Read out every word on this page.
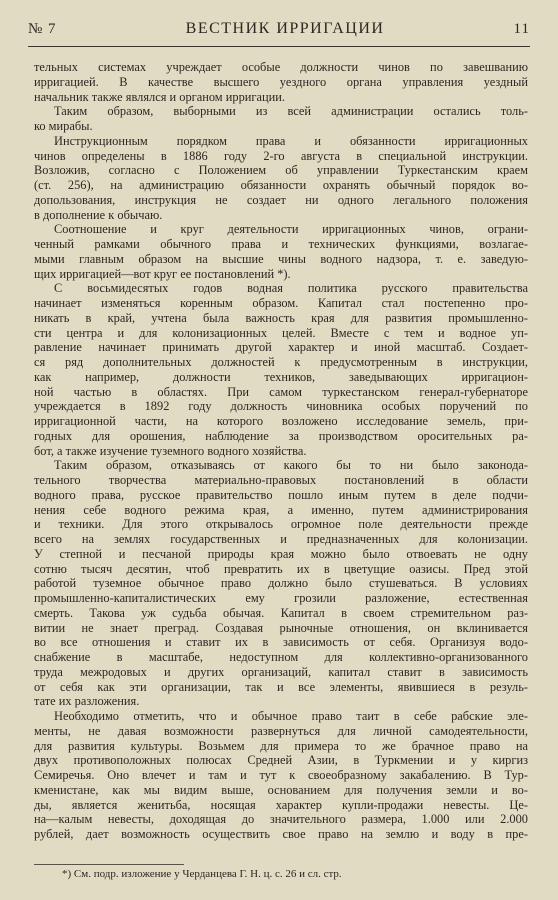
№ 7	ВЕСТНИК ИРРИГАЦИИ	11

тельных системах учреждает особые должности чинов по завешванию
ирригацией. В качестве высшего уездного органа управления уездный
начальник также являлся и органом ирригации.

Таким образом, выборными из всей администрации остались толь-
ко мирабы.

Инструкционным порядком права и обязанности ирригационных
чинов определены в 1886 году 2-го августа в специальной инструкции.
Возложив, согласно с Положением об управлении Туркестанским краем
(ст. 256), на администрацию обязанности охранять обычный порядок во-
допользования, инструкция не создает ни одного легального положения
в дополнение к обычаю.

Соотношение и круг деятельности ирригационных чинов, ограни-
ченный рамками обычного права и технических функциями, возлагае-
мыми главным образом на высшие чины водного надзора, т. е. заведую-
щих ирригацией—вот круг ее постановлений *).

С восьмидесятых годов водная политика русского правительства
начинает изменяться коренным образом. Капитал стал постепенно про-
никать в край, учтена была важность края для развития промышленно-
сти центра и для колонизационных целей. Вместе с тем и водное уп-
равление начинает принимать другой характер и иной масштаб. Создает-
ся ряд дополнительных должностей к предусмотренным в инструкции,
как например, должности техников, заведывающих ирригацион-
ной частью в областях. При самом туркестанском генерал-губернаторе
учреждается в 1892 году должность чиновника особых поручений по
ирригационной части, на которого возложено исследование земель, при-
годных для орошения, наблюдение за производством оросительных ра-
бот, а также изучение туземного водного хозяйства.

Таким образом, отказываясь от какого бы то ни было законода-
тельного творчества материально-правовых постановлений в области
водного права, русское правительство пошло иным путем в деле подчи-
нения себе водного режима края, а именно, путем администрирования
и техники. Для этого открывалось огромное поле деятельности прежде
всего на землях государственных и предназначенных для колонизации.
У степной и песчаной природы края можно было отвоевать не одну
сотню тысяч десятин, чтоб превратить их в цветущие оазисы. Пред этой
работой туземное обычное право должно было стушеваться. В условиях
промышленно-капиталистических ему грозили разложение, естественная
смерть. Такова уж судьба обычая. Капитал в своем стремительном раз-
витии не знает преград. Создавая рыночные отношения, он вклинивается
во все отношения и ставит их в зависимость от себя. Организуя водо-
снабжение в масштабе, недоступном для коллективно-организованного
труда межродовых и других организаций, капитал ставит в зависимость
от себя как эти организации, так и все элементы, явившиеся в резуль-
тате их разложения.

Необходимо отметить, что и обычное право таит в себе рабские эле-
менты, не давая возможности развернуться для личной самодеятельности,
для развития культуры. Возьмем для примера то же брачное право на
двух противоположных полюсах Средней Азии, в Туркмении и у киргиз
Семиречья. Оно влечет и там и тут к своеобразному закабалению. В Тур-
кменистане, как мы видим выше, основанием для получения земли и во-
ды, является женитьба, носящая характер купли-продажи невесты. Це-
на—калым невесты, доходящая до значительного размера, 1.000 или 2.000
рублей, дает возможность осуществить свое право на землю и воду в пре-

*) См. подр. изложение у Черданцева Г. Н. ц. с. 26 и сл. стр.
